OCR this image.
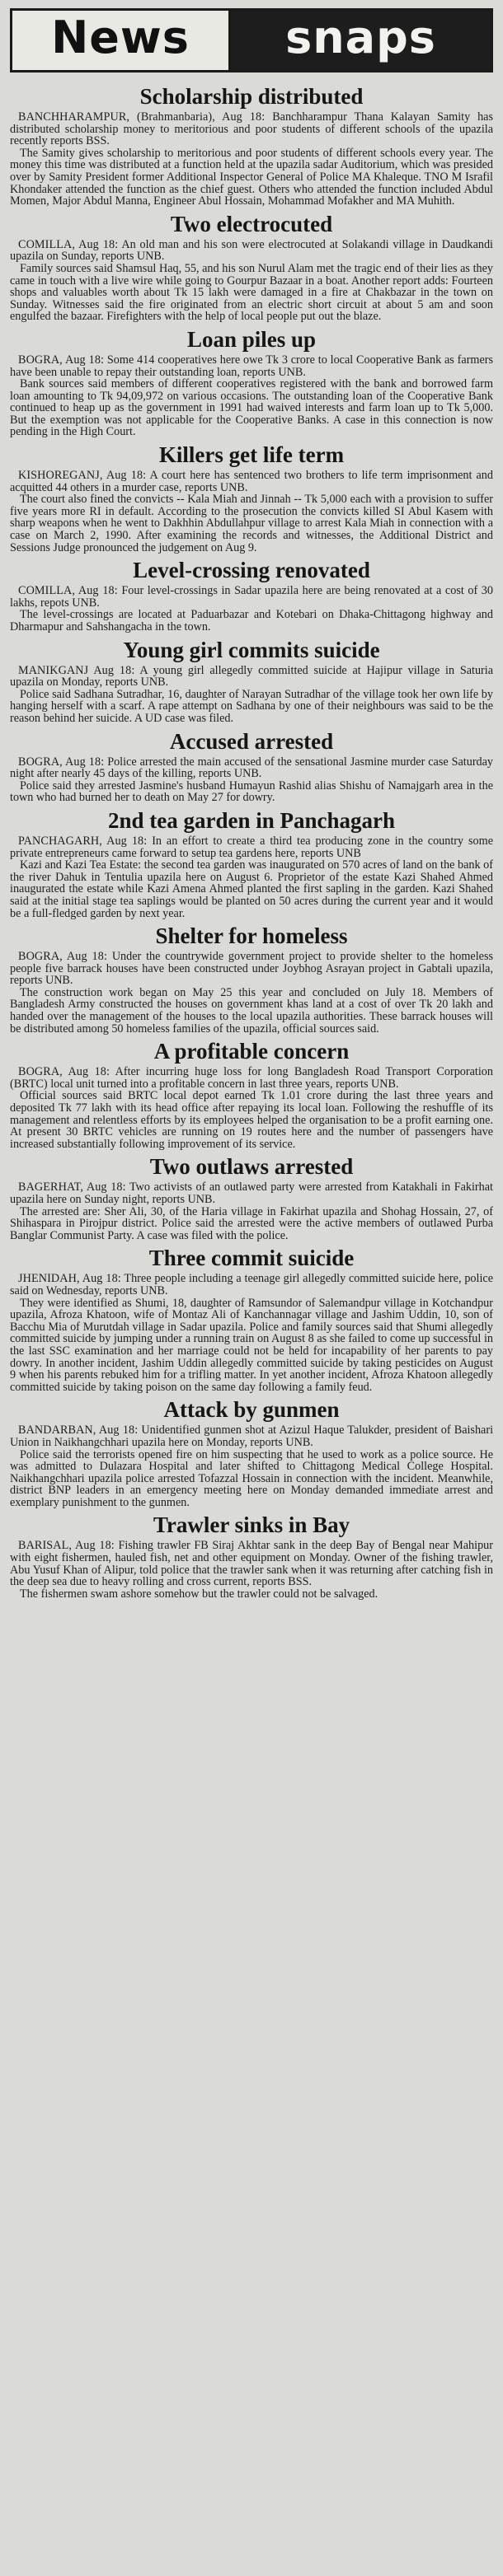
News snaps
Scholarship distributed

BANCHHARAMPUR, (Brahmanbaria), Aug 18: Banchharampur Thana Kalayan Samity has distributed scholarship money to meritorious and poor students of different schools of the upazila recently reports BSS.

The Samity gives scholarship to meritorious and poor students of different schools every year. The money this time was distributed at a function held at the upazila sadar Auditorium, which was presided over by Samity President former Additional Inspector General of Police MA Khaleque. TNO M Israfil Khondaker attended the function as the chief guest. Others who attended the function included Abdul Momen, Major Abdul Manna, Engineer Abul Hossain, Mohammad Mofakher and MA Muhith.

Two electrocuted

COMILLA, Aug 18: An old man and his son were electrocuted at Solakandi village in Daudkandi upazila on Sunday, reports UNB.

Family sources said Shamsul Haq, 55, and his son Nurul Alam met the tragic end of their lies as they came in touch with a live wire while going to Gourpur Bazaar in a boat. Another report adds: Fourteen shops and valuables worth about Tk 15 lakh were damaged in a fire at Chakbazar in the town on Sunday. Witnesses said the fire originated from an electric short circuit at about 5 am and soon engulfed the bazaar. Firefighters with the help of local people put out the blaze.

Loan piles up

BOGRA, Aug 18: Some 414 cooperatives here owe Tk 3 crore to local Cooperative Bank as farmers have been unable to repay their outstanding loan, reports UNB.

Bank sources said members of different cooperatives registered with the bank and borrowed farm loan amounting to Tk 94,09,972 on various occasions. The outstanding loan of the Cooperative Bank continued to heap up as the government in 1991 had waived interests and farm loan up to Tk 5,000. But the exemption was not applicable for the Cooperative Banks. A case in this connection is now pending in the High Court.

Killers get life term

KISHOREGANJ, Aug 18: A court here has sentenced two brothers to life term imprisonment and acquitted 44 others in a murder case, reports UNB.

The court also fined the convicts -- Kala Miah and Jinnah -- Tk 5,000 each with a provision to suffer five years more RI in default. According to the prosecution the convicts killed SI Abul Kasem with sharp weapons when he went to Dakhhin Abdullahpur village to arrest Kala Miah in connection with a case on March 2, 1990. After examining the records and witnesses, the Additional District and Sessions Judge pronounced the judgement on Aug 9.

Level-crossing renovated

COMILLA, Aug 18: Four level-crossings in Sadar upazila here are being renovated at a cost of 30 lakhs, repots UNB.

The level-crossings are located at Paduarbazar and Kotebari on Dhaka-Chittagong highway and Dharmapur and Sahshangacha in the town.

Young girl commits suicide

MANIKGANJ Aug 18: A young girl allegedly committed suicide at Hajipur village in Saturia upazila on Monday, reports UNB.

Police said Sadhana Sutradhar, 16, daughter of Narayan Sutradhar of the village took her own life by hanging herself with a scarf. A rape attempt on Sadhana by one of their neighbours was said to be the reason behind her suicide. A UD case was filed.

Accused arrested

BOGRA, Aug 18: Police arrested the main accused of the sensational Jasmine murder case Saturday night after nearly 45 days of the killing, reports UNB.

Police said they arrested Jasmine's husband Humayun Rashid alias Shishu of Namajgarh area in the town who had burned her to death on May 27 for dowry.

2nd tea garden in Panchagarh

PANCHAGARH, Aug 18: In an effort to create a third tea producing zone in the country some private entrepreneurs came forward to setup tea gardens here, reports UNB

Kazi and Kazi Tea Estate: the second tea garden was inaugurated on 570 acres of land on the bank of the river Dahuk in Tentulia upazila here on August 6. Proprietor of the estate Kazi Shahed Ahmed inaugurated the estate while Kazi Amena Ahmed planted the first sapling in the garden. Kazi Shahed said at the initial stage tea saplings would be planted on 50 acres during the current year and it would be a full-fledged garden by next year.

Shelter for homeless

BOGRA, Aug 18: Under the countrywide government project to provide shelter to the homeless people five barrack houses have been constructed under Joybhog Asrayan project in Gabtali upazila, reports UNB.

The construction work began on May 25 this year and concluded on July 18. Members of Bangladesh Army constructed the houses on government khas land at a cost of over Tk 20 lakh and handed over the management of the houses to the local upazila authorities. These barrack houses will be distributed among 50 homeless families of the upazila, official sources said.

A profitable concern

BOGRA, Aug 18: After incurring huge loss for long Bangladesh Road Transport Corporation (BRTC) local unit turned into a profitable concern in last three years, reports UNB.

Official sources said BRTC local depot earned Tk 1.01 crore during the last three years and deposited Tk 77 lakh with its head office after repaying its local loan. Following the reshuffle of its management and relentless efforts by its employees helped the organisation to be a profit earning one. At present 30 BRTC vehicles are running on 19 routes here and the number of passengers have increased substantially following improvement of its service.

Two outlaws arrested

BAGERHAT, Aug 18: Two activists of an outlawed party were arrested from Katakhali in Fakirhat upazila here on Sunday night, reports UNB.

The arrested are: Sher Ali, 30, of the Haria village in Fakirhat upazila and Shohag Hossain, 27, of Shihaspara in Pirojpur district. Police said the arrested were the active members of outlawed Purba Banglar Communist Party. A case was filed with the police.

Three commit suicide

JHENIDAH, Aug 18: Three people including a teenage girl allegedly committed suicide here, police said on Wednesday, reports UNB.

They were identified as Shumi, 18, daughter of Ramsundor of Salemandpur village in Kotchandpur upazila, Afroza Khatoon, wife of Montaz Ali of Kanchannagar village and Jashim Uddin, 10, son of Bacchu Mia of Murutdah village in Sadar upazila. Police and family sources said that Shumi allegedly committed suicide by jumping under a running train on August 8 as she failed to come up successful in the last SSC examination and her marriage could not be held for incapability of her parents to pay dowry. In another incident, Jashim Uddin allegedly committed suicide by taking pesticides on August 9 when his parents rebuked him for a trifling matter. In yet another incident, Afroza Khatoon allegedly committed suicide by taking poison on the same day following a family feud.

Attack by gunmen

BANDARBAN, Aug 18: Unidentified gunmen shot at Azizul Haque Talukder, president of Baishari Union in Naikhangchhari upazila here on Monday, reports UNB.

Police said the terrorists opened fire on him suspecting that he used to work as a police source. He was admitted to Dulazara Hospital and later shifted to Chittagong Medical College Hospital. Naikhangchhari upazila police arrested Tofazzal Hossain in connection with the incident. Meanwhile, district BNP leaders in an emergency meeting here on Monday demanded immediate arrest and exemplary punishment to the gunmen.

Trawler sinks in Bay

BARISAL, Aug 18: Fishing trawler FB Siraj Akhtar sank in the deep Bay of Bengal near Mahipur with eight fishermen, hauled fish, net and other equipment on Monday. Owner of the fishing trawler, Abu Yusuf Khan of Alipur, told police that the trawler sank when it was returning after catching fish in the deep sea due to heavy rolling and cross current, reports BSS.

The fishermen swam ashore somehow but the trawler could not be salvaged.
